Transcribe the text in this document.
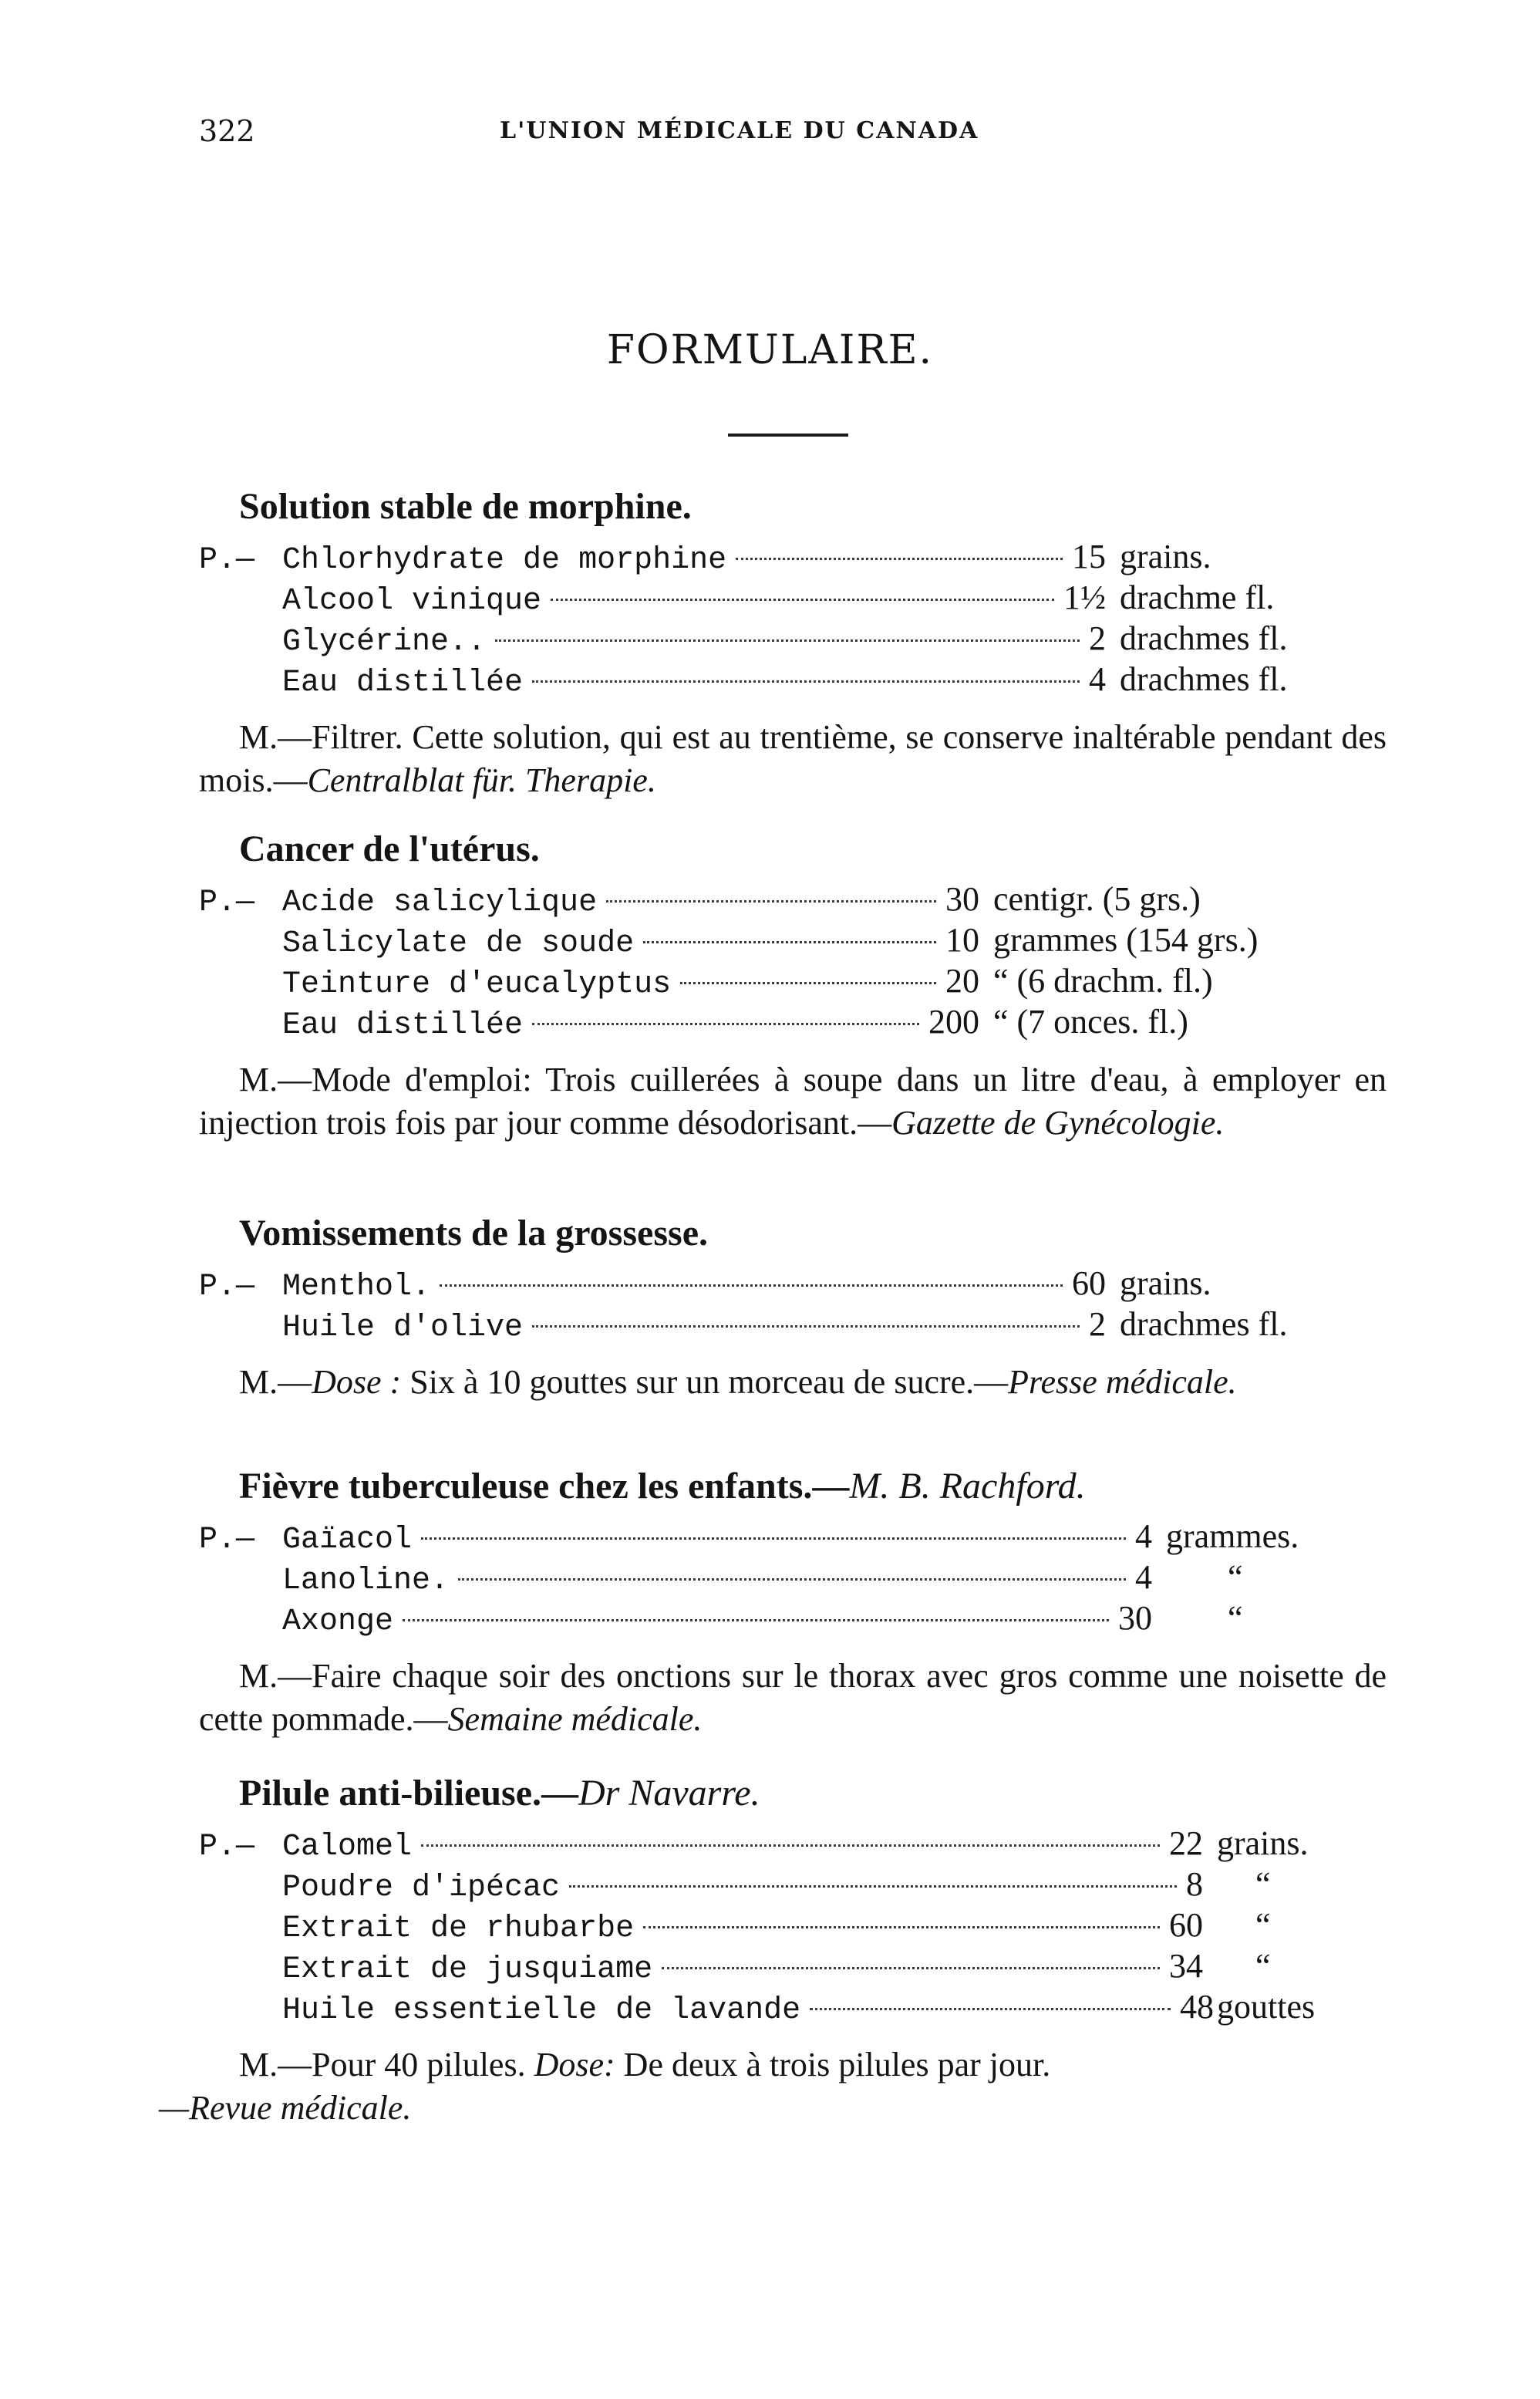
322	L'UNION MÉDICALE DU CANADA
FORMULAIRE.
Solution stable de morphine.
P.— Chlorhydrate de morphine	15 grains.
Alcool vinique	1½ drachme fl.
Glycérine..	2 drachmes fl.
Eau distillée	4 drachmes fl.
M.—Filtrer. Cette solution, qui est au trentième, se conserve inaltérable pendant des mois.—Centralblat für. Therapie.
Cancer de l'utérus.
P.— Acide salicylique	30 centigr. (5 grs.)
Salicylate de soude	10 grammes (154 grs.)
Teinture d'eucalyptus	20 “ (6 drachm. fl.)
Eau distillée	200 “ (7 onces. fl.)
M.—Mode d'emploi: Trois cuillerées à soupe dans un litre d'eau, à employer en injection trois fois par jour comme désodorisant.—Gazette de Gynécologie.
Vomissements de la grossesse.
P.— Menthol.	60 grains.
Huile d'olive	2 drachmes fl.
M.—Dose : Six à 10 gouttes sur un morceau de sucre.—Presse médicale.
Fièvre tuberculeuse chez les enfants.—M. B. Rachford.
P.— Gaïacol	4 grammes.
Lanoline.	4	“
Axonge	30	“
M.—Faire chaque soir des onctions sur le thorax avec gros comme une noisette de cette pommade.—Semaine médicale.
Pilule anti-bilieuse.—Dr Navarre.
P.— Calomel	22 grains.
Poudre d'ipécac	8	“
Extrait de rhubarbe	60	“
Extrait de jusquiame	34	“
Huile essentielle de lavande	48 gouttes
M.—Pour 40 pilules. Dose: De deux à trois pilules par jour.
—Revue médicale.
